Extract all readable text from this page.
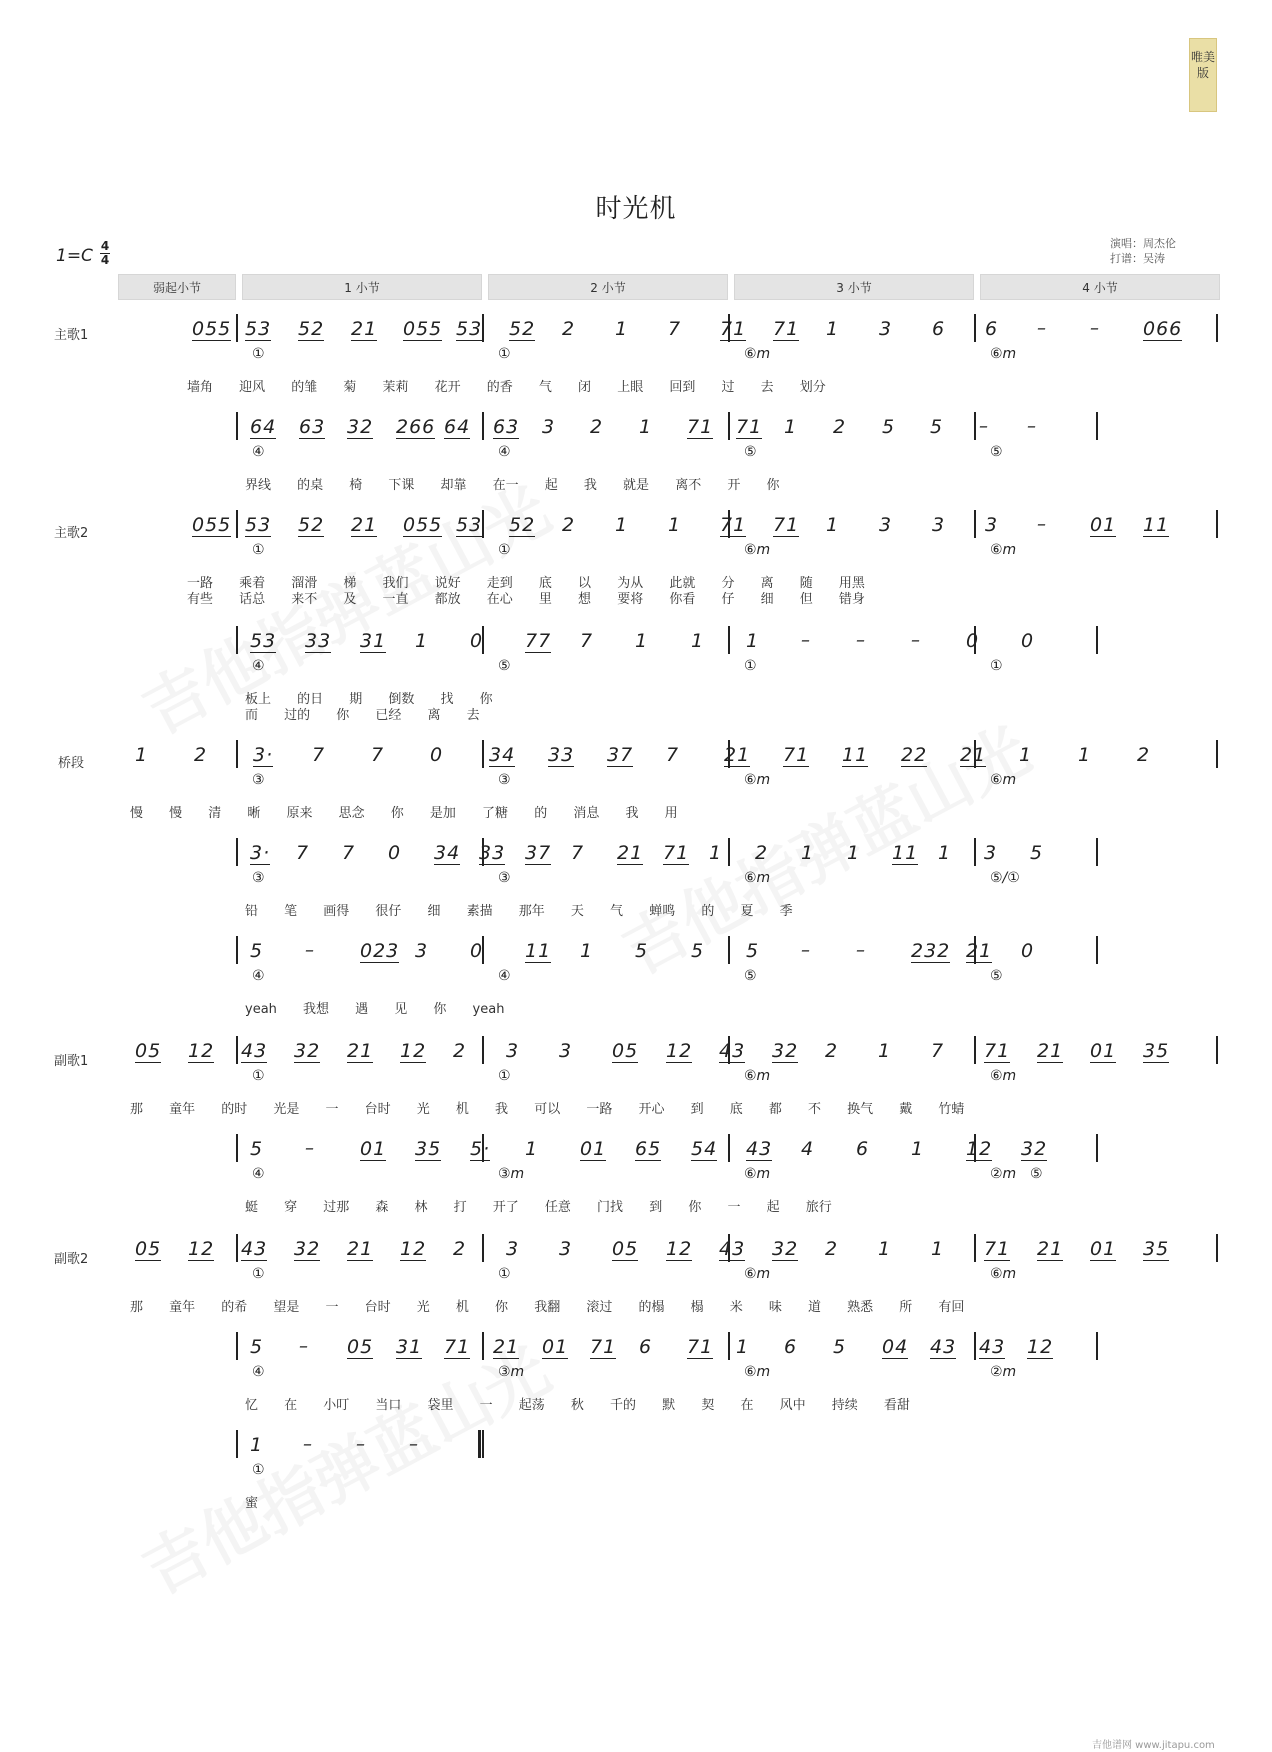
唯美版
时光机
1=C 4
4
演唱：周杰伦
打谱：吴涛
弱起小节	1 小节	2 小节	3 小节	4 小节
主歌1
主歌2
桥段
副歌1
副歌2
055 53 52 21 055 53 52 2 1 7 71 71 1 3 6 6 – – 066
①	①	⑥m	⑥m
墙角 迎风 的雏 菊 茉莉 花开 的香 气 闭 上眼 回到 过 去 划分
64 63 32 266 64 63 3 2 1 71 71 1 2 5 5 – –
④	④	⑤	⑤
界线 的桌 椅 下课 却靠 在一 起 我 就是 离不 开 你
055 53 52 21 055 53 52 2 1 1 71 71 1 3 3 3 – 01 11
①	①	⑥m	⑥m
一路 乘着 溜滑 梯 我们 说好 走到 底 以 为从 此就 分 离 随 用黑
有些 话总 来不 及 一直 都放 在心 里 想 要将 你看 仔 细 但 错身
53 33 31 1 0 77 7 1 1 1 –	–	– 0 0
④	⑤	①	①
板上 的日 期 倒数 找 你
而 过的 你 已经 离 去
1 2 3· 7 7 0 34 33 37 7 21 71 11 22 21 1 1 2
③	③	⑥m	⑥m
慢 慢 清 晰 原来 思念 你 是加 了糖 的 消息 我 用
3· 7 7 0 34 33 37 7 21 71 1 2 1 1 11 1 3 5
③	③	⑥m	⑤/①
铅 笔 画得 很仔 细 素描 那年 天 气 蝉鸣 的 夏 季
5 – 023 3 0 11 1 5 5 5 –	– 232 21 0
④	④	⑤	⑤
yeah 我想 遇 见 你 yeah
05 12 43 32 21 12 2 3 3 05 12 43 32 2 1 7 71 21 01 35
①	①	⑥m	⑥m
那 童年 的时 光是 一 台时 光 机 我 可以 一路 开心 到 底 都 不 换气 戴 竹蜻
5 – 01 35 5· 1 01 65 54 43 4 6 1 12 32
④	③m	⑥m	②m ⑤
蜓 穿 过那 森 林 打 开了 任意 门找 到 你 一 起 旅行
05 12 43 32 21 12 2 3 3 05 12 43 32 2 1 1 71 21 01 35
①	①	⑥m	⑥m
那 童年 的希 望是 一 台时 光 机 你 我翻 滚过 的榻 榻 米 味 道 熟悉 所 有回
5 – 05 31 71 21 01 71 6 71 1 6 5 04 43 43 12
④	③m	⑥m	②m
忆 在 小叮 当口 袋里 一 起荡 秋 千的 默 契 在 风中 持续 看甜
1 – – –
①
蜜
吉他谱网 www.jitapu.com
